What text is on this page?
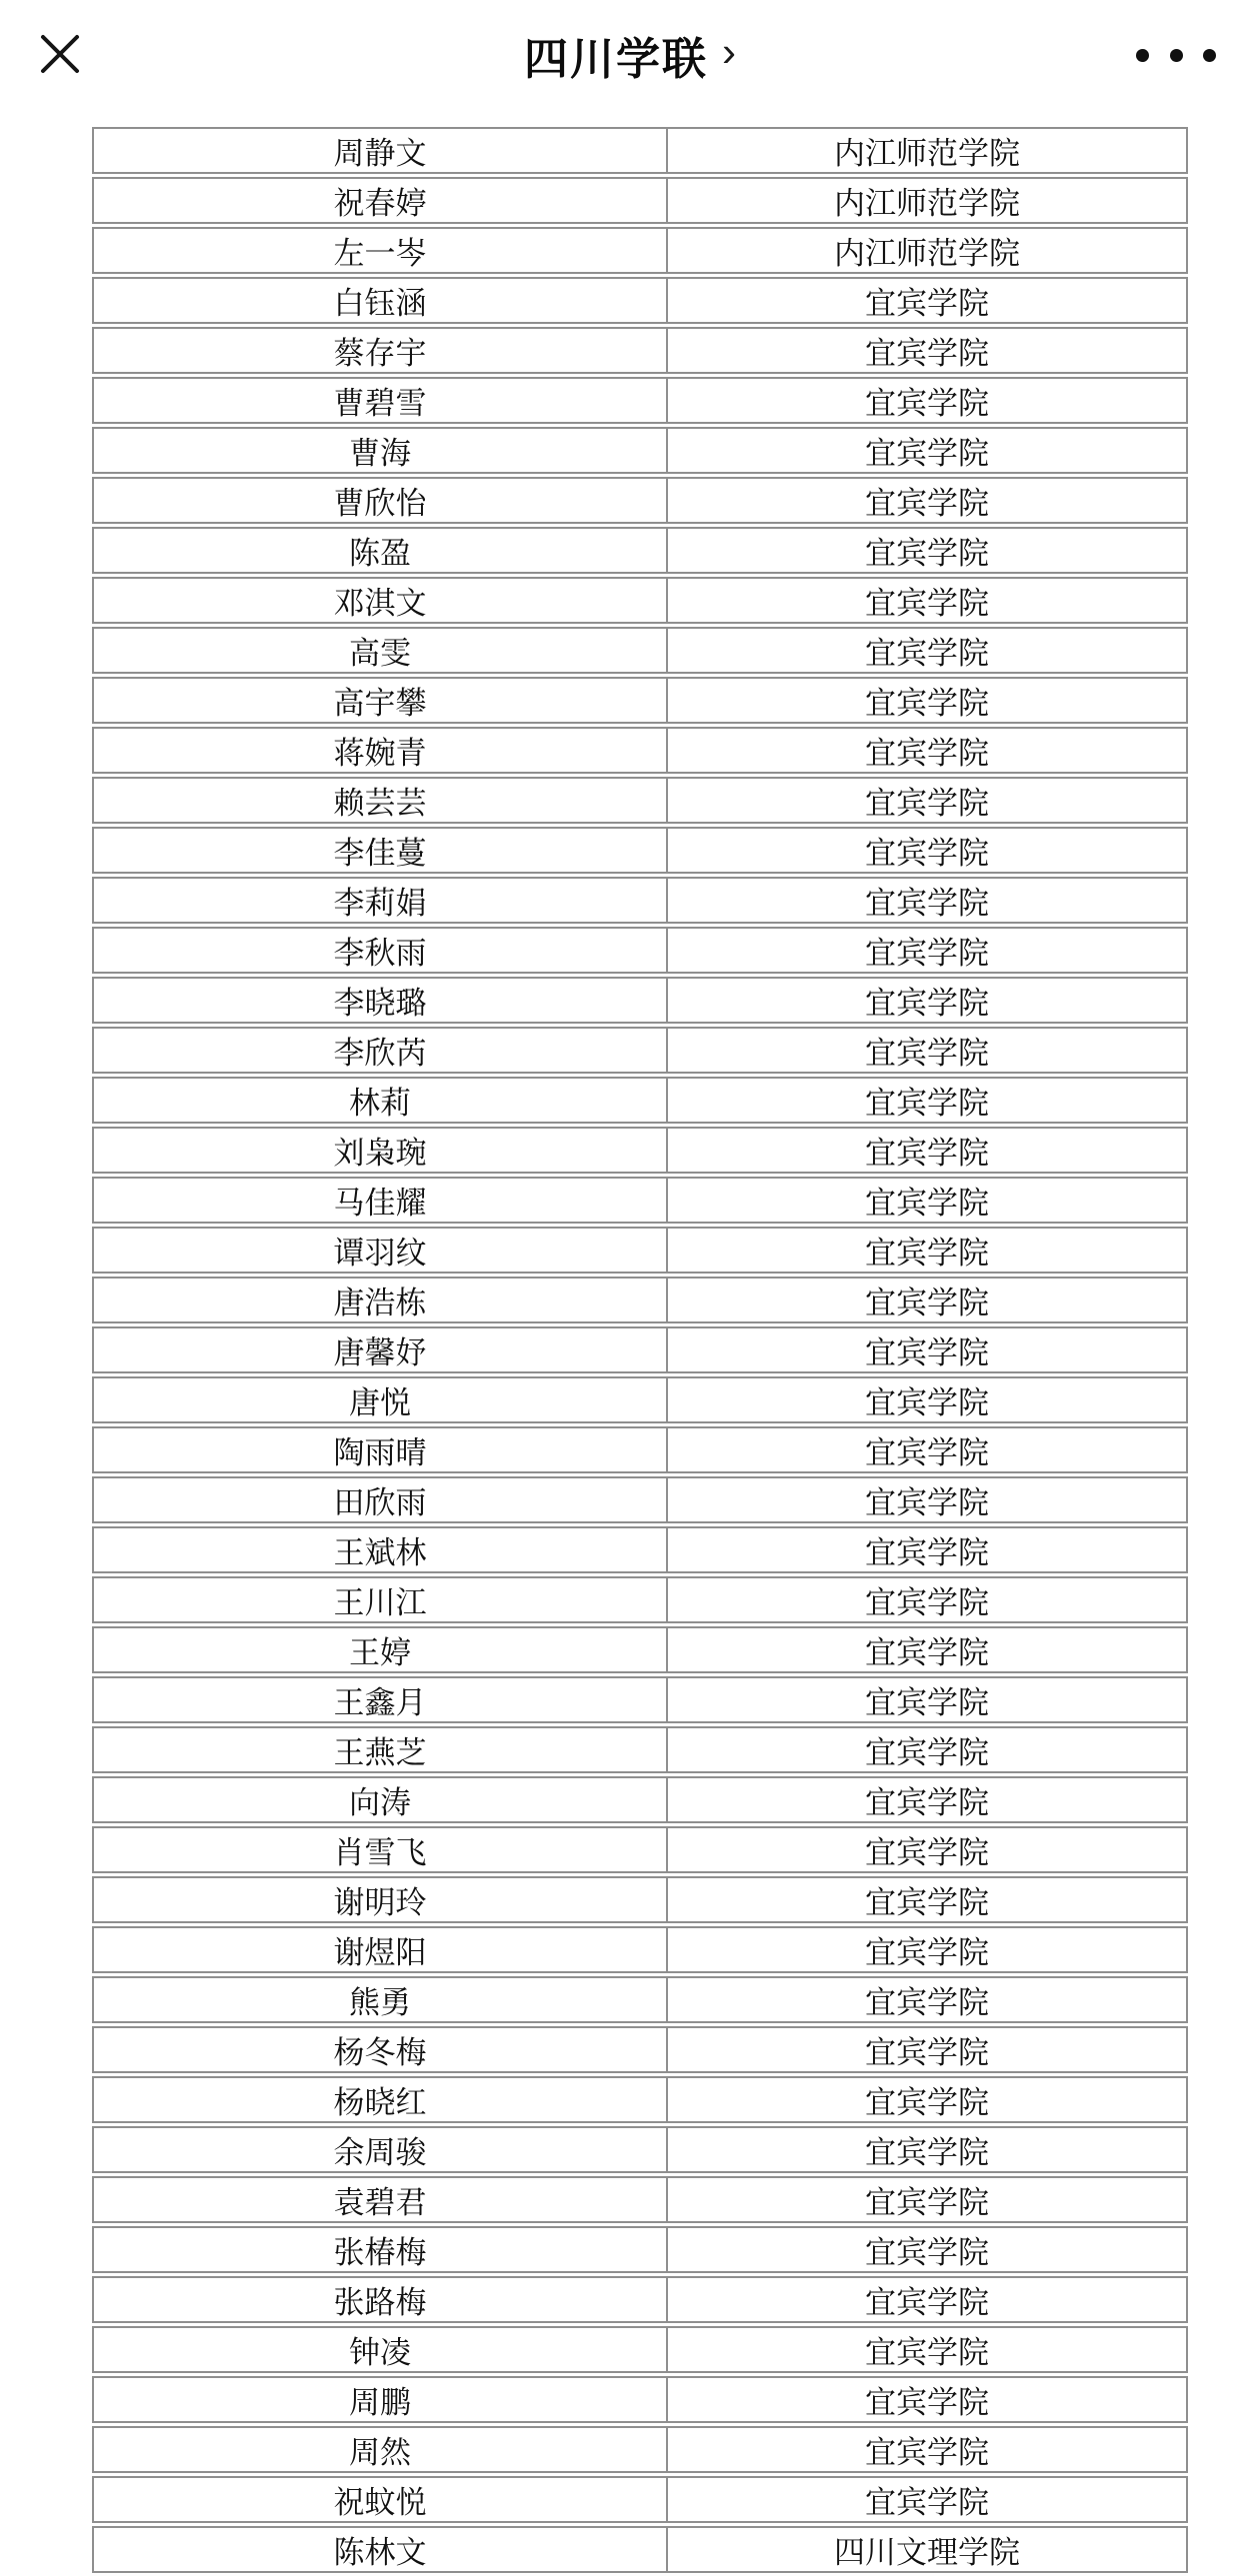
四川学联 ›
周静文	内江师范学院
祝春婷	内江师范学院
左一岑	内江师范学院
白钰涵	宜宾学院
蔡存宇	宜宾学院
曹碧雪	宜宾学院
曹海	宜宾学院
曹欣怡	宜宾学院
陈盈	宜宾学院
邓淇文	宜宾学院
高雯	宜宾学院
高宇攀	宜宾学院
蒋婉青	宜宾学院
赖芸芸	宜宾学院
李佳蔓	宜宾学院
李莉娟	宜宾学院
李秋雨	宜宾学院
李晓璐	宜宾学院
李欣芮	宜宾学院
林莉	宜宾学院
刘枭琬	宜宾学院
马佳耀	宜宾学院
谭羽纹	宜宾学院
唐浩栋	宜宾学院
唐馨妤	宜宾学院
唐悦	宜宾学院
陶雨晴	宜宾学院
田欣雨	宜宾学院
王斌林	宜宾学院
王川江	宜宾学院
王婷	宜宾学院
王鑫月	宜宾学院
王燕芝	宜宾学院
向涛	宜宾学院
肖雪飞	宜宾学院
谢明玲	宜宾学院
谢煜阳	宜宾学院
熊勇	宜宾学院
杨冬梅	宜宾学院
杨晓红	宜宾学院
余周骏	宜宾学院
袁碧君	宜宾学院
张椿梅	宜宾学院
张路梅	宜宾学院
钟凌	宜宾学院
周鹏	宜宾学院
周然	宜宾学院
祝蚊悦	宜宾学院
陈林文	四川文理学院
